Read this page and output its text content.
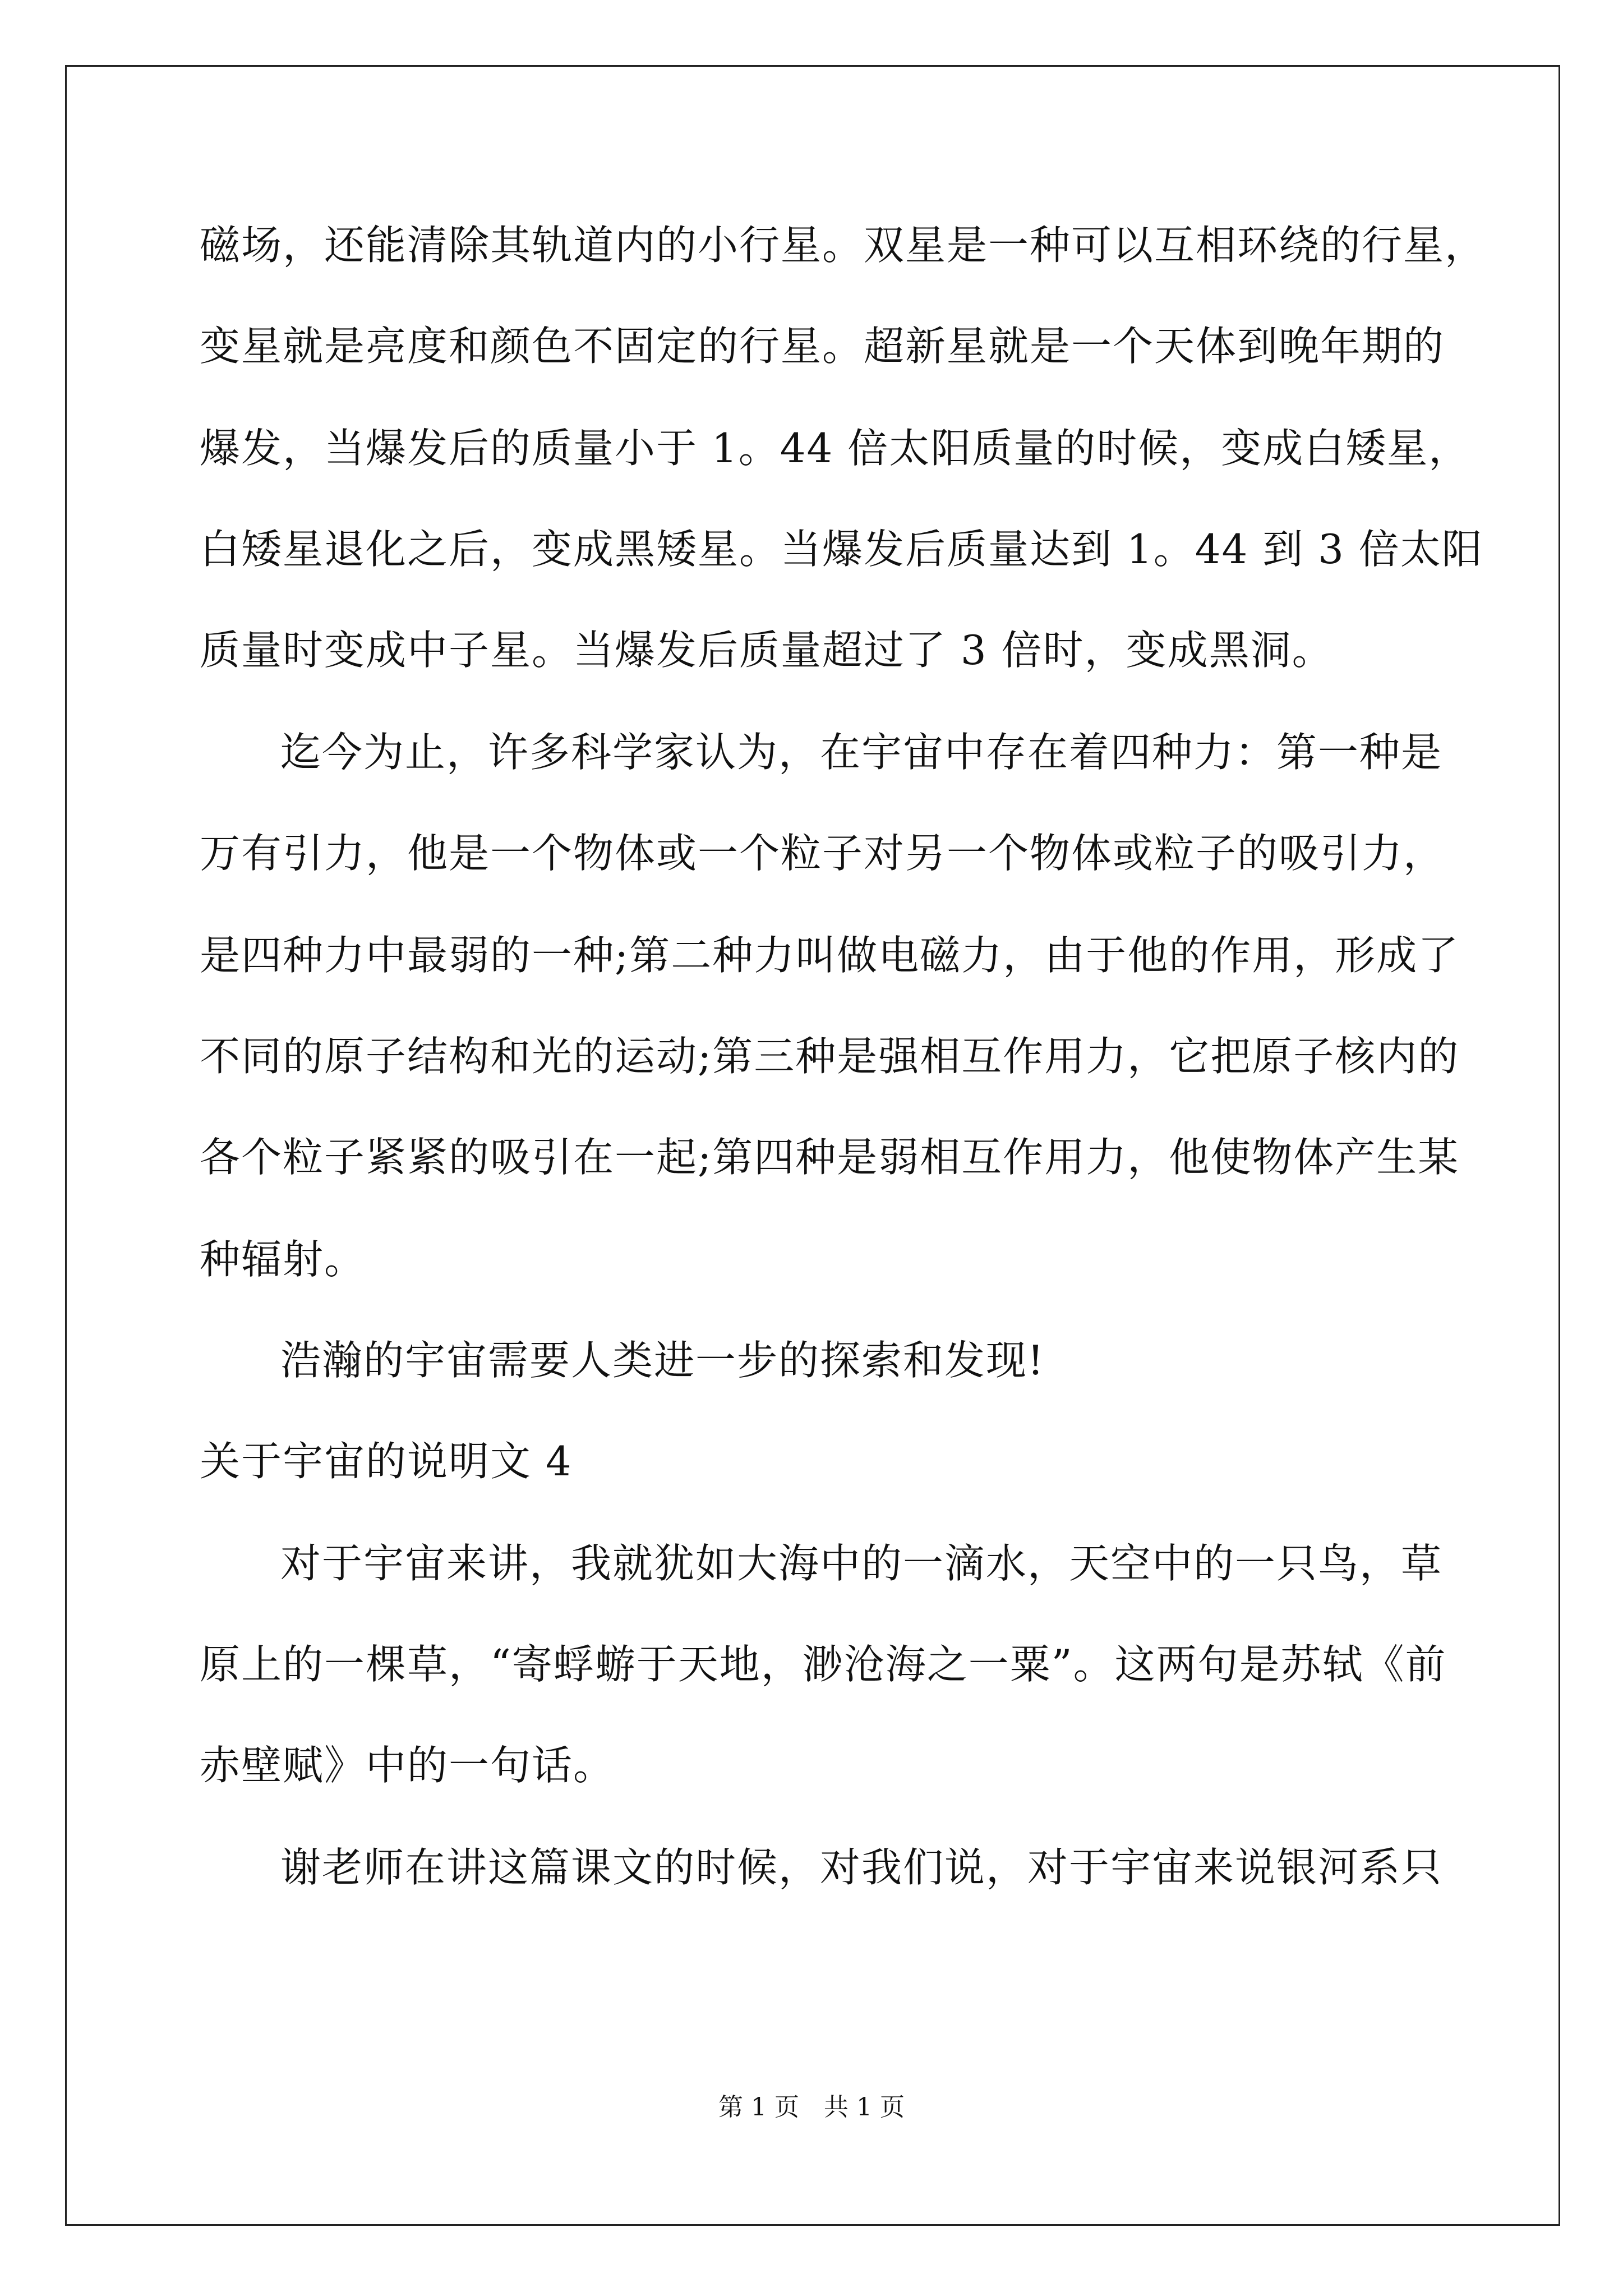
磁场，还能清除其轨道内的小行星。双星是一种可以互相环绕的行星，
变星就是亮度和颜色不固定的行星。超新星就是一个天体到晚年期的
爆发，当爆发后的质量小于 1。44 倍太阳质量的时候，变成白矮星，
白矮星退化之后，变成黑矮星。当爆发后质量达到 1。44 到 3 倍太阳
质量时变成中子星。当爆发后质量超过了 3 倍时，变成黑洞。
迄今为止，许多科学家认为，在宇宙中存在着四种力：第一种是
万有引力，他是一个物体或一个粒子对另一个物体或粒子的吸引力，
是四种力中最弱的一种;第二种力叫做电磁力，由于他的作用，形成了
不同的原子结构和光的运动;第三种是强相互作用力，它把原子核内的
各个粒子紧紧的吸引在一起;第四种是弱相互作用力，他使物体产生某
种辐射。
浩瀚的宇宙需要人类进一步的探索和发现!
关于宇宙的说明文 4
对于宇宙来讲，我就犹如大海中的一滴水，天空中的一只鸟，草
原上的一棵草，“寄蜉蝣于天地，渺沧海之一粟”。这两句是苏轼《前
赤壁赋》中的一句话。
谢老师在讲这篇课文的时候，对我们说，对于宇宙来说银河系只
第 1 页　共 1 页
